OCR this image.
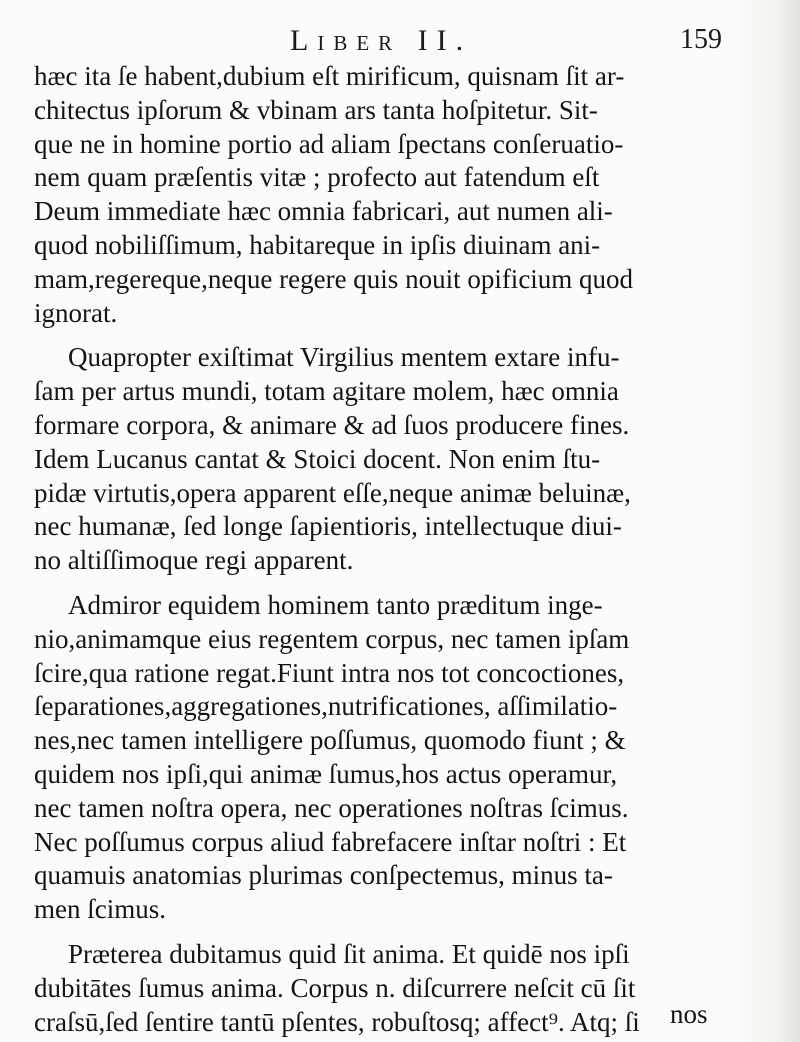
Liber II.	159
hæc ita ſe habent,dubium eſt mirificum, quisnam ſit ar-
chitectus ipſorum & vbinam ars tanta hoſpitetur. Sit-
que ne in homine portio ad aliam ſpectans conſeruatio-
nem quam præſentis vitæ ; profecto aut fatendum eſt
Deum immediate hæc omnia fabricari, aut numen ali-
quod nobiliſſimum, habitareque in ipſis diuinam ani-
mam,regereque,neque regere quis nouit opificium quod
ignorat.
Quapropter exiſtimat Virgilius mentem extare infu-
ſam per artus mundi, totam agitare molem, hæc omnia
formare corpora, & animare & ad ſuos producere fines.
Idem Lucanus cantat & Stoici docent. Non enim ſtu-
pidæ virtutis,opera apparent eſſe,neque animæ beluinæ,
nec humanæ, ſed longe ſapientioris, intellectuque diui-
no altiſſimoque regi apparent.
Admiror equidem hominem tanto præditum inge-
nio,animamque eius regentem corpus, nec tamen ipſam
ſcire,qua ratione regat.Fiunt intra nos tot concoctiones,
ſeparationes,aggregationes,nutrificationes, aſſimilatio-
nes,nec tamen intelligere poſſumus, quomodo fiunt ; &
quidem nos ipſi,qui animæ ſumus,hos actus operamur,
nec tamen noſtra opera, nec operationes noſtras ſcimus.
Nec poſſumus corpus aliud fabrefacere inſtar noſtri : Et
quamuis anatomias plurimas conſpectemus, minus ta-
men ſcimus.
Præterea dubitamus quid ſit anima. Et quidē nos ipſi
dubitātes ſumus anima. Corpus n. diſcurrere neſcit cū ſit
craſsū,ſed ſentire tantū pſentes, robuſtosq; affect⁹. Atq; ſi	nos
